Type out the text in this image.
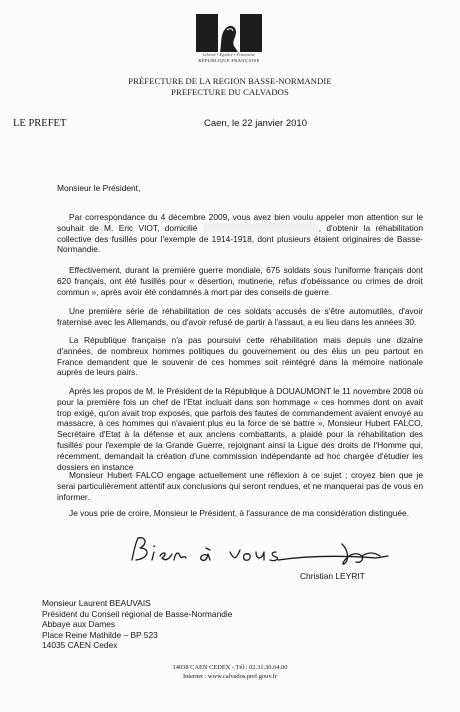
Liberté • Égalité • Fraternité
RÉPUBLIQUE FRANÇAISE
PRÉFECTURE DE LA REGION BASSE-NORMANDIE
PREFECTURE DU CALVADOS
LE PREFET	Caen, le 22 janvier 2010
Monsieur le Président,
Par correspondance du 4 décembre 2009, vous avez bien voulu appeler mon attention sur le souhait de M. Eric VIOT, domicilié	, d'obtenir la réhabilitation collective des fusillés pour l'exemple de 1914-1918, dont plusieurs étaient originaires de Basse-Normandie.
Effectivement, durant la première guerre mondiale, 675 soldats sous l'uniforme français dont 620 français, ont été fusillés pour « désertion, mutinerie, refus d'obéissance ou crimes de droit commun », après avoir été condamnés à mort par des conseils de guerre.
Une première série de réhabilitation de ces soldats accusés de s'être automutilés, d'avoir fraternisé avec les Allemands, ou d'avoir refusé de partir à l'assaut, a eu lieu dans les années 30.
La République française n'a pas poursuivi cette réhabilitation mais depuis une dizaine d'années, de nombreux hommes politiques du gouvernement ou des élus un peu partout en France demandent que le souvenir de ces hommes soit réintégré dans la mémoire nationale auprès de leurs pairs.
Après les propos de M. le Président de la République à DOUAUMONT le 11 novembre 2008 où pour la première fois un chef de l'Etat incluait dans son hommage « ces hommes dont on avait trop exigé, qu'on avait trop exposés, que parfois des fautes de commandement avaient envoyé au massacre, à ces hommes qui n'avaient plus eu la force de se battre », Monsieur Hubert FALCO, Secrétaire d'Etat à la défense et aux anciens combattants, a plaidé pour la réhabilitation des fusillés pour l'exemple de la Grande Guerre, rejoignant ainsi la Ligue des droits de l'Homme qui, récemment, demandait la création d'une commission indépendante ad hoc chargée d'étudier les dossiers en instance
Monsieur Hubert FALCO engage actuellement une réflexion à ce sujet ; croyez bien que je serai particulièrement attentif aux conclusions qui seront rendues, et ne manquerai pas de vous en informer.
Je vous prie de croire, Monsieur le Président, à l'assurance de ma considération distinguée.
Christian LEYRIT
Monsieur Laurent BEAUVAIS
Président du Conseil régional de Basse-Normandie
Abbaye aux Dames
Place Reine Mathilde – BP 523
14035 CAEN Cedex
14038 CAEN CEDEX - Tél : 02.31.30.64.00
Internet : www.calvados.pref.gouv.fr
